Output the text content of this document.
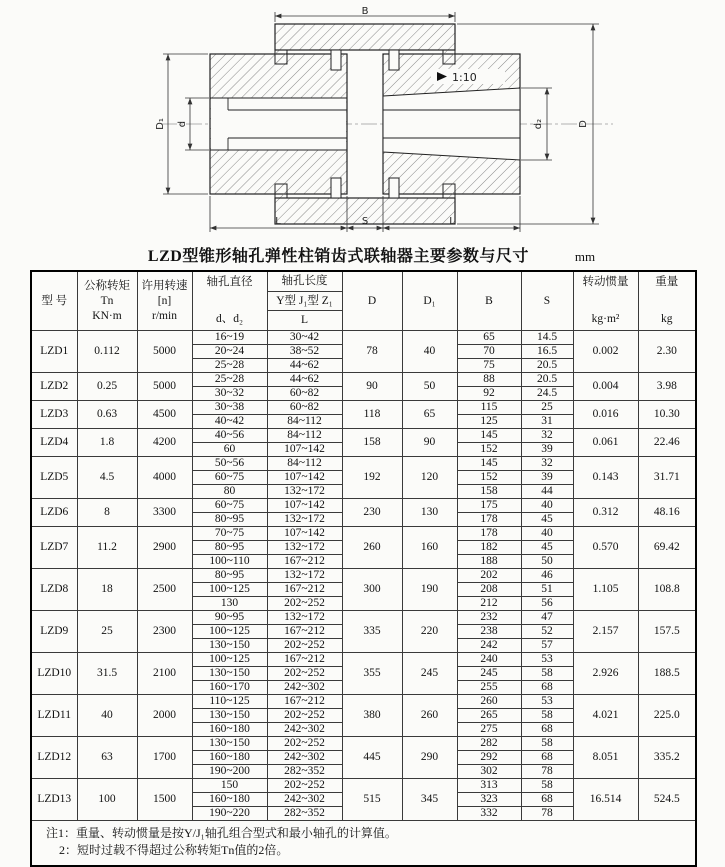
1:10
B
L	S	L
D₁ d	d₂	D
LZD型锥形轴孔弹性柱销齿式联轴器主要参数与尺寸	mm
型 号

公称转矩
Tn
KN·m

许用转速
[n]
r/min

轴孔直径
d、d₂

轴孔长度
Y型 J₁型 Z₁
L

D	D₁	B	S

转动惯量
kg·m²

重量
kg

LZD1	0.112	5000	16~19	30~42	78	40	65	14.5	0.002	2.30
			20~24	38~52			70	16.5		
			25~28	44~62			75	20.5		
LZD2	0.25	5000	25~28	44~62	90	50	88	20.5	0.004	3.98
			30~32	60~82			92	24.5		
LZD3	0.63	4500	30~38	60~82	118	65	115	25	0.016	10.30
			40~42	84~112			125	31		
LZD4	1.8	4200	40~56	84~112	158	90	145	32	0.061	22.46
			60	107~142			152	39		
LZD5	4.5	4000	50~56	84~112	192	120	145	32	0.143	31.71
			60~75	107~142			152	39		
			80	132~172			158	44		
LZD6	8	3300	60~75	107~142	230	130	175	40	0.312	48.16
			80~95	132~172			178	45		
LZD7	11.2	2900	70~75	107~142	260	160	178	40	0.570	69.42
			80~95	132~172			182	45		
			100~110	167~212			188	50		
LZD8	18	2500	80~95	132~172	300	190	202	46	1.105	108.8
			100~125	167~212			208	51		
			130	202~252			212	56		
LZD9	25	2300	90~95	132~172	335	220	232	47	2.157	157.5
			100~125	167~212			238	52		
			130~150	202~252			242	57		
LZD10	31.5	2100	100~125	167~212	355	245	240	53	2.926	188.5
			130~150	202~252			245	58		
			160~170	242~302			255	68		
LZD11	40	2000	110~125	167~212	380	260	260	53	4.021	225.0
			130~150	202~252			265	58		
			160~180	242~302			275	68		
LZD12	63	1700	130~150	202~252	445	290	282	58	8.051	335.2
			160~180	242~302			292	68		
			190~200	282~352			302	78		
LZD13	100	1500	150	202~252	515	345	313	58	16.514	524.5
			160~180	242~302			323	68		
			190~220	282~352			332	78		

注1：重量、转动惯量是按Y/J₁轴孔组合型式和最小轴孔的计算值。
2：短时过载不得超过公称转矩Tn值的2倍。										
